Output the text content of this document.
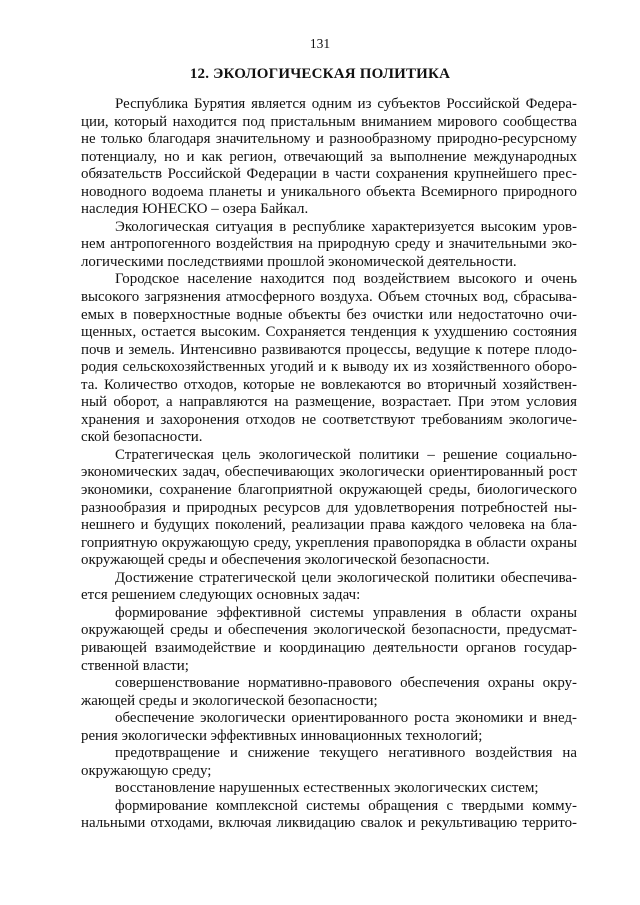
131
12. ЭКОЛОГИЧЕСКАЯ ПОЛИТИКА
Республика Бурятия является одним из субъектов Российской Федера-
ции, который находится под пристальным вниманием мирового сообщества
не только благодаря значительному и разнообразному природно-ресурсному
потенциалу, но и как регион, отвечающий за выполнение международных
обязательств Российской Федерации в части сохранения крупнейшего прес-
новодного водоема планеты и уникального объекта Всемирного природного
наследия ЮНЕСКО – озера Байкал.
Экологическая ситуация в республике характеризуется высоким уров-
нем антропогенного воздействия на природную среду и значительными эко-
логическими последствиями прошлой экономической деятельности.
Городское население находится под воздействием высокого и очень
высокого загрязнения атмосферного воздуха. Объем сточных вод, сбрасыва-
емых в поверхностные водные объекты без очистки или недостаточно очи-
щенных, остается высоким. Сохраняется тенденция к ухудшению состояния
почв и земель. Интенсивно развиваются процессы, ведущие к потере плодо-
родия сельскохозяйственных угодий и к выводу их из хозяйственного оборо-
та. Количество отходов, которые не вовлекаются во вторичный хозяйствен-
ный оборот, а направляются на размещение, возрастает. При этом условия
хранения и захоронения отходов не соответствуют требованиям экологиче-
ской безопасности.
Стратегическая цель экологической политики – решение социально-
экономических задач, обеспечивающих экологически ориентированный рост
экономики, сохранение благоприятной окружающей среды, биологического
разнообразия и природных ресурсов для удовлетворения потребностей ны-
нешнего и будущих поколений, реализации права каждого человека на бла-
гоприятную окружающую среду, укрепления правопорядка в области охраны
окружающей среды и обеспечения экологической безопасности.
Достижение стратегической цели экологической политики обеспечива-
ется решением следующих основных задач:
формирование эффективной системы управления в области охраны
окружающей среды и обеспечения экологической безопасности, предусмат-
ривающей взаимодействие и координацию деятельности органов государ-
ственной власти;
совершенствование нормативно-правового обеспечения охраны окру-
жающей среды и экологической безопасности;
обеспечение экологически ориентированного роста экономики и внед-
рения экологически эффективных инновационных технологий;
предотвращение и снижение текущего негативного воздействия на
окружающую среду;
восстановление нарушенных естественных экологических систем;
формирование комплексной системы обращения с твердыми комму-
нальными отходами, включая ликвидацию свалок и рекультивацию террито-
